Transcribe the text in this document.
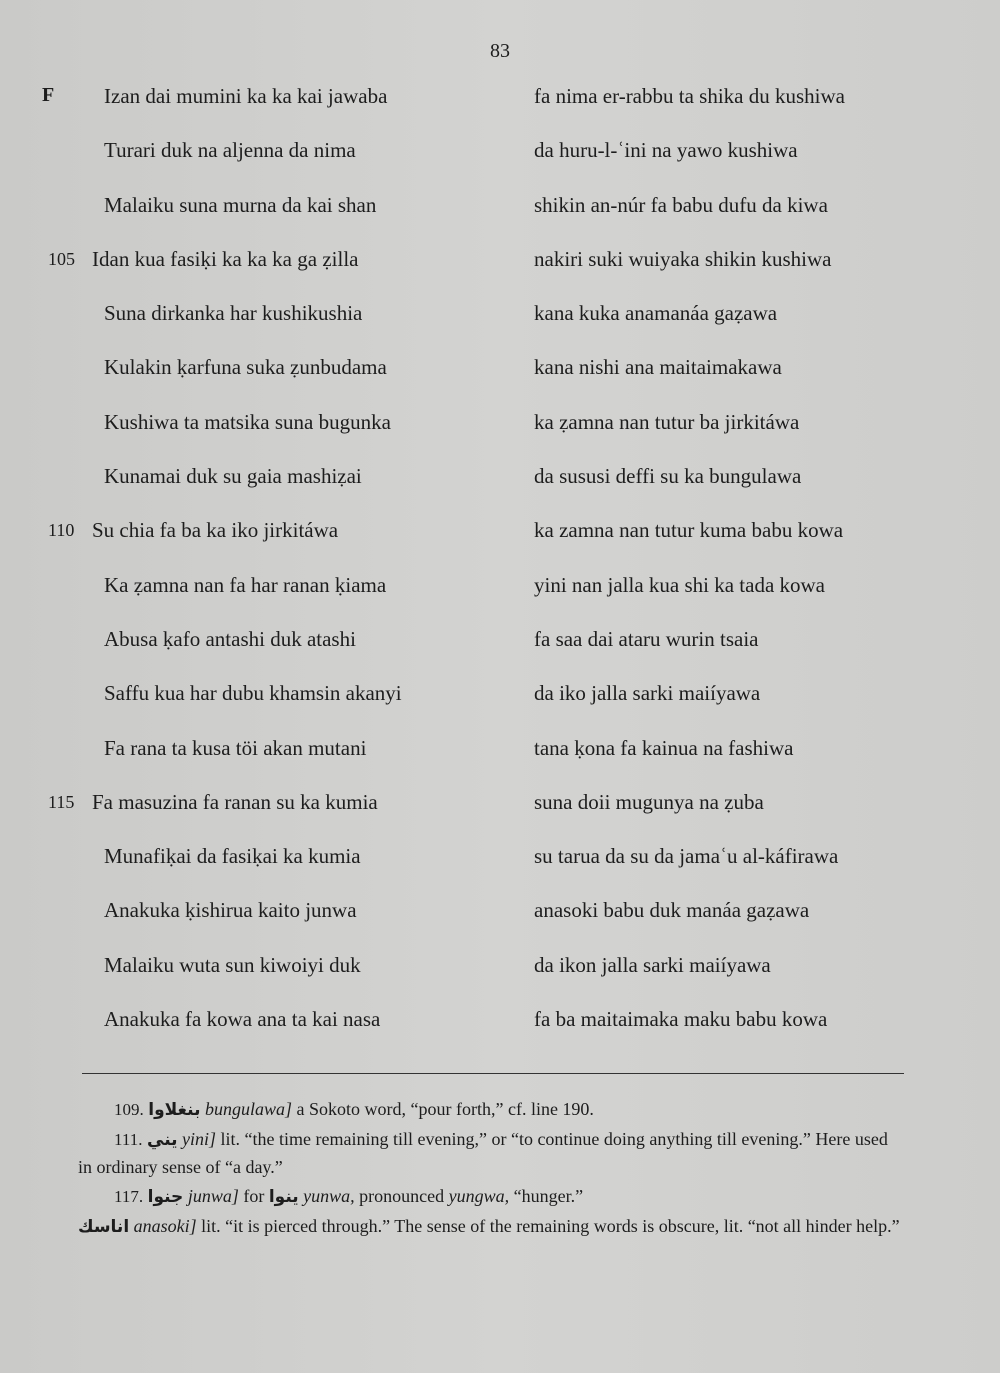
83
F Izan dai mumini ka ka kai jawaba
Turari duk na aljenna da nima
Malaiku suna murna da kai shan
105 Idan kua fasiḳi ka ka ka ga ẓilla
Suna dirkanka har kushikushia
Kulakin ḳarfuna suka ẓunbudama
Kushiwa ta matsika suna bugunka
Kunamai duk su gaia mashiẓai
110 Su chia fa ba ka iko jirkitáwa
Ka ẓamna nan fa har ranan ḳiama
Abusa ḳafo antashi duk atashi
Saffu kua har dubu khamsin akanyi
Fa rana ta kusa töi akan mutani
115 Fa masuzina fa ranan su ka kumia
Munafiḳai da fasiḳai ka kumia
Anakuka ḳishirua kaito junwa
Malaiku wuta sun kiwoiyi duk
Anakuka fa kowa ana ta kai nasa
fa nima er-rabbu ta shika du kushiwa
da huru-l-ʿini na yawo kushiwa
shikin an-núr fa babu dufu da kiwa
nakiri suki wuiyaka shikin kushiwa
kana kuka anamanáa gaẓawa
kana nishi ana maitaimakawa
ka ẓamna nan tutur ba jirkitáwa
da sususi deffi su ka bungulawa
ka zamna nan tutur kuma babu kowa
yini nan jalla kua shi ka tada kowa
fa saa dai ataru wurin tsaia
da iko jalla sarki maiíyawa
tana ḳona fa kainua na fashiwa
suna doii mugunya na ẓuba
su tarua da su da jamaʿu al-káfirawa
anasoki babu duk manáa gaẓawa
da ikon jalla sarki maiíyawa
fa ba maitaimaka maku babu kowa

109. بنغلاوا bungulawa] a Sokoto word, “pour forth,” cf. line 190.

111. يني yini] lit. “the time remaining till evening,” or “to continue doing anything till evening.” Here used in ordinary sense of “a day.”

117. جنوا junwa] for ينوا yunwa, pronounced yungwa, “hunger.”

اناسك anasoki] lit. “it is pierced through.” The sense of the remaining words is obscure, lit. “not all hinder help.”
